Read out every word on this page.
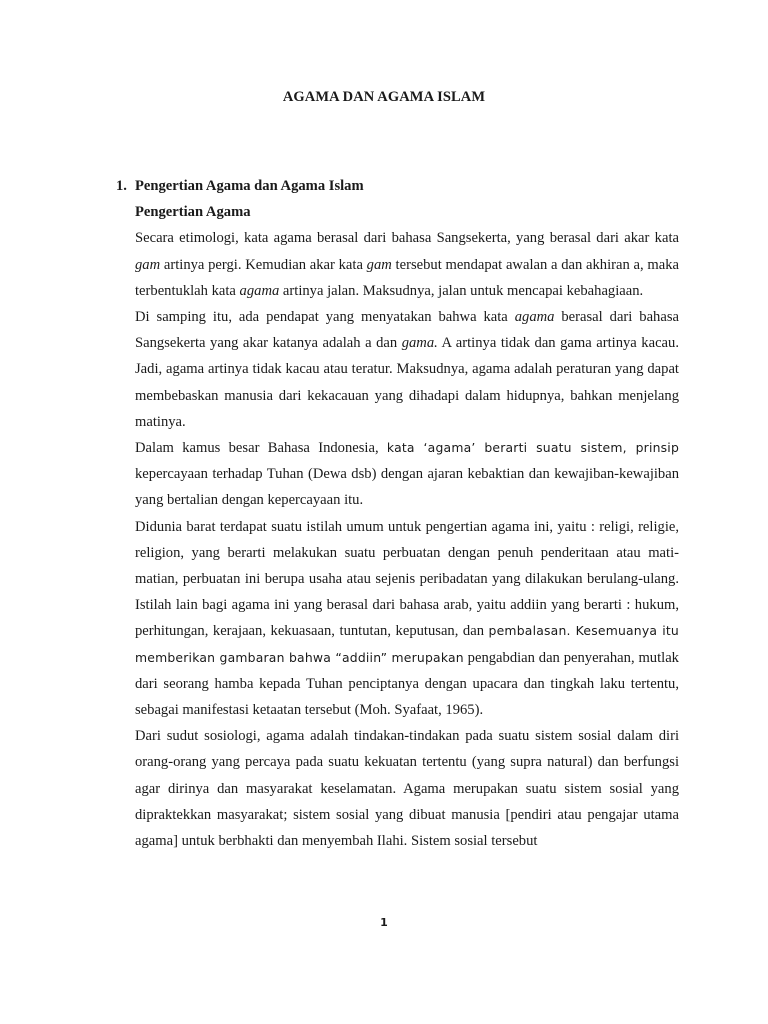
AGAMA DAN AGAMA ISLAM

1. Pengertian Agama dan Agama Islam

Pengertian Agama

Secara etimologi, kata agama berasal dari bahasa Sangsekerta, yang berasal dari akar kata gam artinya pergi. Kemudian akar kata gam tersebut mendapat awalan a dan akhiran a, maka terbentuklah kata agama artinya jalan. Maksudnya, jalan untuk mencapai kebahagiaan.

Di samping itu, ada pendapat yang menyatakan bahwa kata agama berasal dari bahasa Sangsekerta yang akar katanya adalah a dan gama. A artinya tidak dan gama artinya kacau. Jadi, agama artinya tidak kacau atau teratur. Maksudnya, agama adalah peraturan yang dapat membebaskan manusia dari kekacauan yang dihadapi dalam hidupnya, bahkan menjelang matinya.

Dalam kamus besar Bahasa Indonesia, kata ‘agama’ berarti suatu sistem, prinsip kepercayaan terhadap Tuhan (Dewa dsb) dengan ajaran kebaktian dan kewajiban-kewajiban yang bertalian dengan kepercayaan itu.

Didunia barat terdapat suatu istilah umum untuk pengertian agama ini, yaitu : religi, religie, religion, yang berarti melakukan suatu perbuatan dengan penuh penderitaan atau mati-matian, perbuatan ini berupa usaha atau sejenis peribadatan yang dilakukan berulang-ulang. Istilah lain bagi agama ini yang berasal dari bahasa arab, yaitu addiin yang berarti : hukum, perhitungan, kerajaan, kekuasaan, tuntutan, keputusan, dan pembalasan. Kesemuanya itu memberikan gambaran bahwa “addiin” merupakan pengabdian dan penyerahan, mutlak dari seorang hamba kepada Tuhan penciptanya dengan upacara dan tingkah laku tertentu, sebagai manifestasi ketaatan tersebut (Moh. Syafaat, 1965).

Dari sudut sosiologi, agama adalah tindakan-tindakan pada suatu sistem sosial dalam diri orang-orang yang percaya pada suatu kekuatan tertentu (yang supra natural) dan berfungsi agar dirinya dan masyarakat keselamatan. Agama merupakan suatu sistem sosial yang dipraktekkan masyarakat; sistem sosial yang dibuat manusia [pendiri atau pengajar utama agama] untuk berbhakti dan menyembah Ilahi. Sistem sosial tersebut

1
